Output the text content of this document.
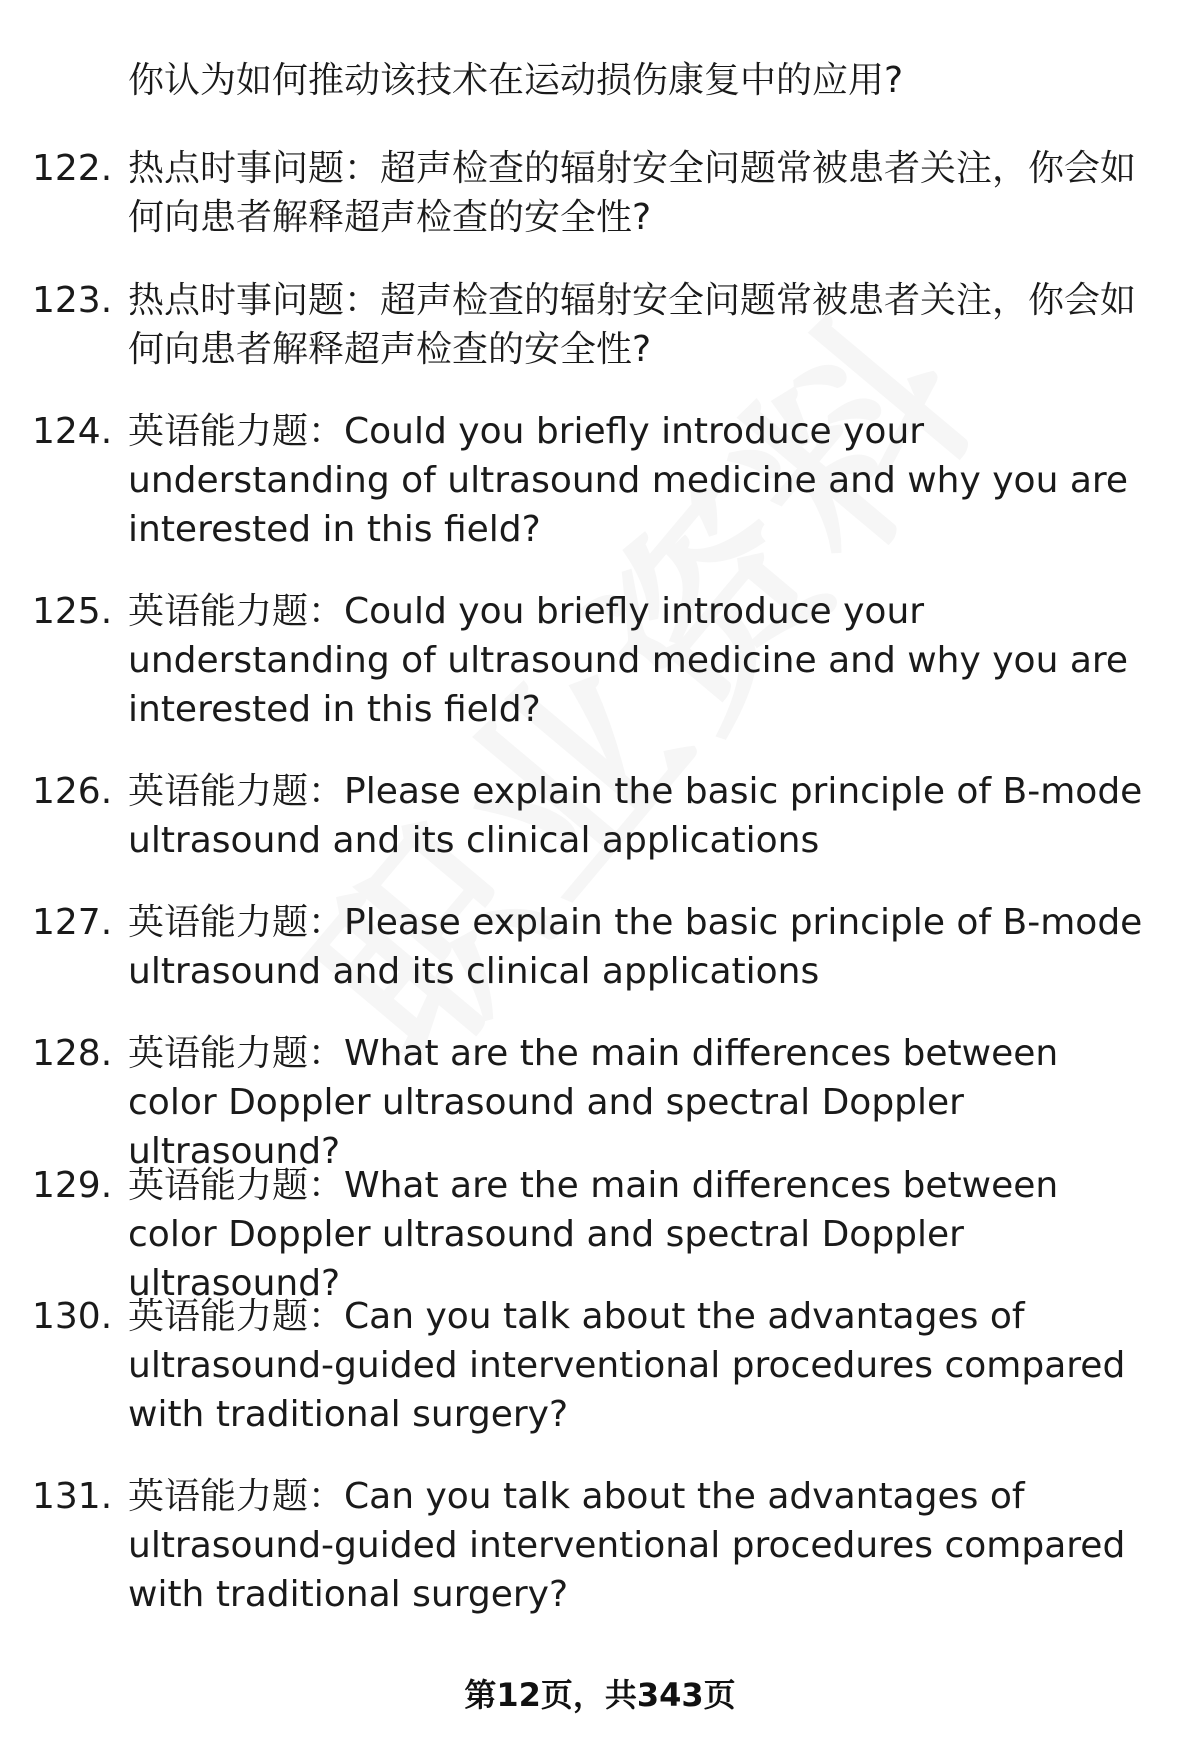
你认为如何推动该技术在运动损伤康复中的应用?
122. 热点时事问题：超声检查的辐射安全问题常被患者关注，你会如何向患者解释超声检查的安全性?
123. 热点时事问题：超声检查的辐射安全问题常被患者关注，你会如何向患者解释超声检查的安全性?
124. 英语能力题：Could you briefly introduce your understanding of ultrasound medicine and why you are interested in this field?
125. 英语能力题：Could you briefly introduce your understanding of ultrasound medicine and why you are interested in this field?
126. 英语能力题：Please explain the basic principle of B-mode ultrasound and its clinical applications
127. 英语能力题：Please explain the basic principle of B-mode ultrasound and its clinical applications
128. 英语能力题：What are the main differences between color Doppler ultrasound and spectral Doppler ultrasound?
129. 英语能力题：What are the main differences between color Doppler ultrasound and spectral Doppler ultrasound?
130. 英语能力题：Can you talk about the advantages of ultrasound-guided interventional procedures compared with traditional surgery?
131. 英语能力题：Can you talk about the advantages of ultrasound-guided interventional procedures compared with traditional surgery?
第12页，共343页
